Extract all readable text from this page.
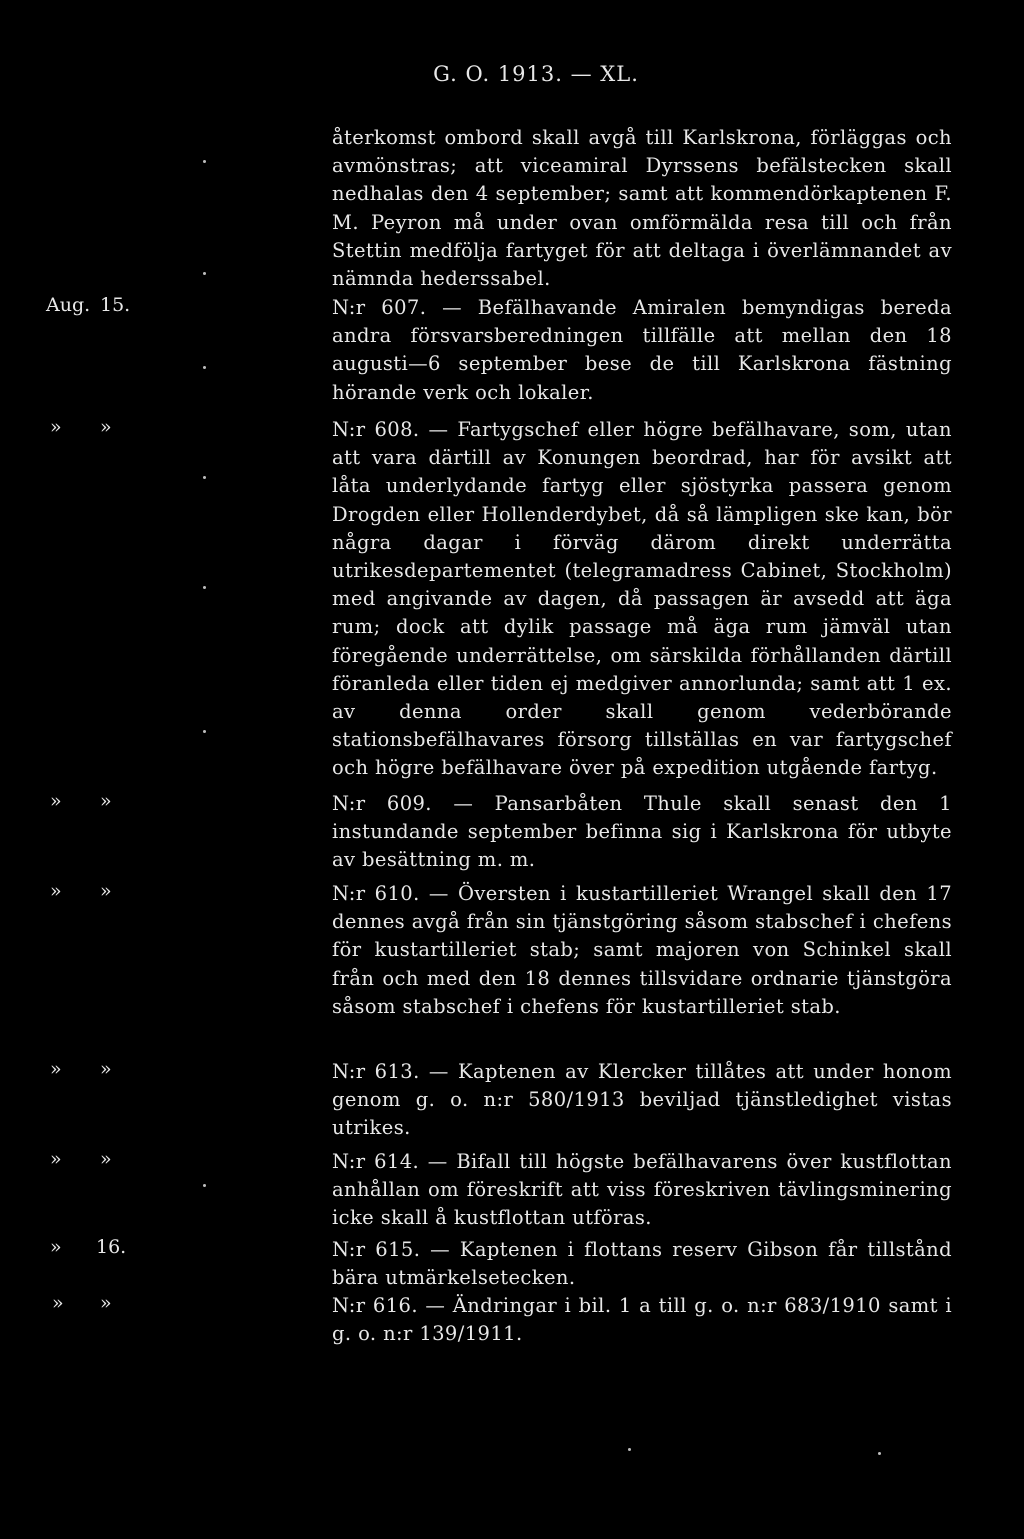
G. O. 1913. — XL.
återkomst ombord skall avgå till Karlskrona, förläggas och avmönstras; att viceamiral Dyrssens befälstecken skall nedhalas den 4 september; samt att kommendörkaptenen F. M. Peyron må under ovan omförmälda resa till och från Stettin medfölja fartyget för att deltaga i överlämnandet av nämnda hederssabel.
Aug. 15.	N:r 607. — Befälhavande Amiralen bemyndigas bereda andra försvarsberedningen tillfälle att mellan den 18 augusti—6 september bese de till Karlskrona fästning hörande verk och lokaler.
» »	N:r 608. — Fartygschef eller högre befälhavare, som, utan att vara därtill av Konungen beordrad, har för avsikt att låta underlydande fartyg eller sjöstyrka passera genom Drogden eller Hollenderdybet, då så lämpligen ske kan, bör några dagar i förväg därom direkt underrätta utrikesdepartementet (telegramadress Cabinet, Stockholm) med angivande av dagen, då passagen är avsedd att äga rum; dock att dylik passage må äga rum jämväl utan föregående underrättelse, om särskilda förhållanden därtill föranleda eller tiden ej medgiver annorlunda; samt att 1 ex. av denna order skall genom vederbörande stationsbefälhavares försorg tillställas en var fartygschef och högre befälhavare över på expedition utgående fartyg.
» »	N:r 609. — Pansarbåten Thule skall senast den 1 instundande september befinna sig i Karlskrona för utbyte av besättning m. m.
» »	N:r 610. — Översten i kustartilleriet Wrangel skall den 17 dennes avgå från sin tjänstgöring såsom stabschef i chefens för kustartilleriet stab; samt majoren von Schinkel skall från och med den 18 dennes tillsvidare ordnarie tjänstgöra såsom stabschef i chefens för kustartilleriet stab.
» »	N:r 613. — Kaptenen av Klercker tillåtes att under honom genom g. o. n:r 580/1913 beviljad tjänstledighet vistas utrikes.
» »	N:r 614. — Bifall till högste befälhavarens över kustflottan anhållan om föreskrift att viss föreskriven tävlingsminering icke skall å kustflottan utföras.
» 16.	N:r 615. — Kaptenen i flottans reserv Gibson får tillstånd bära utmärkelsetecken.
» »	N:r 616. — Ändringar i bil. 1 a till g. o. n:r 683/1910 samt i g. o. n:r 139/1911.
